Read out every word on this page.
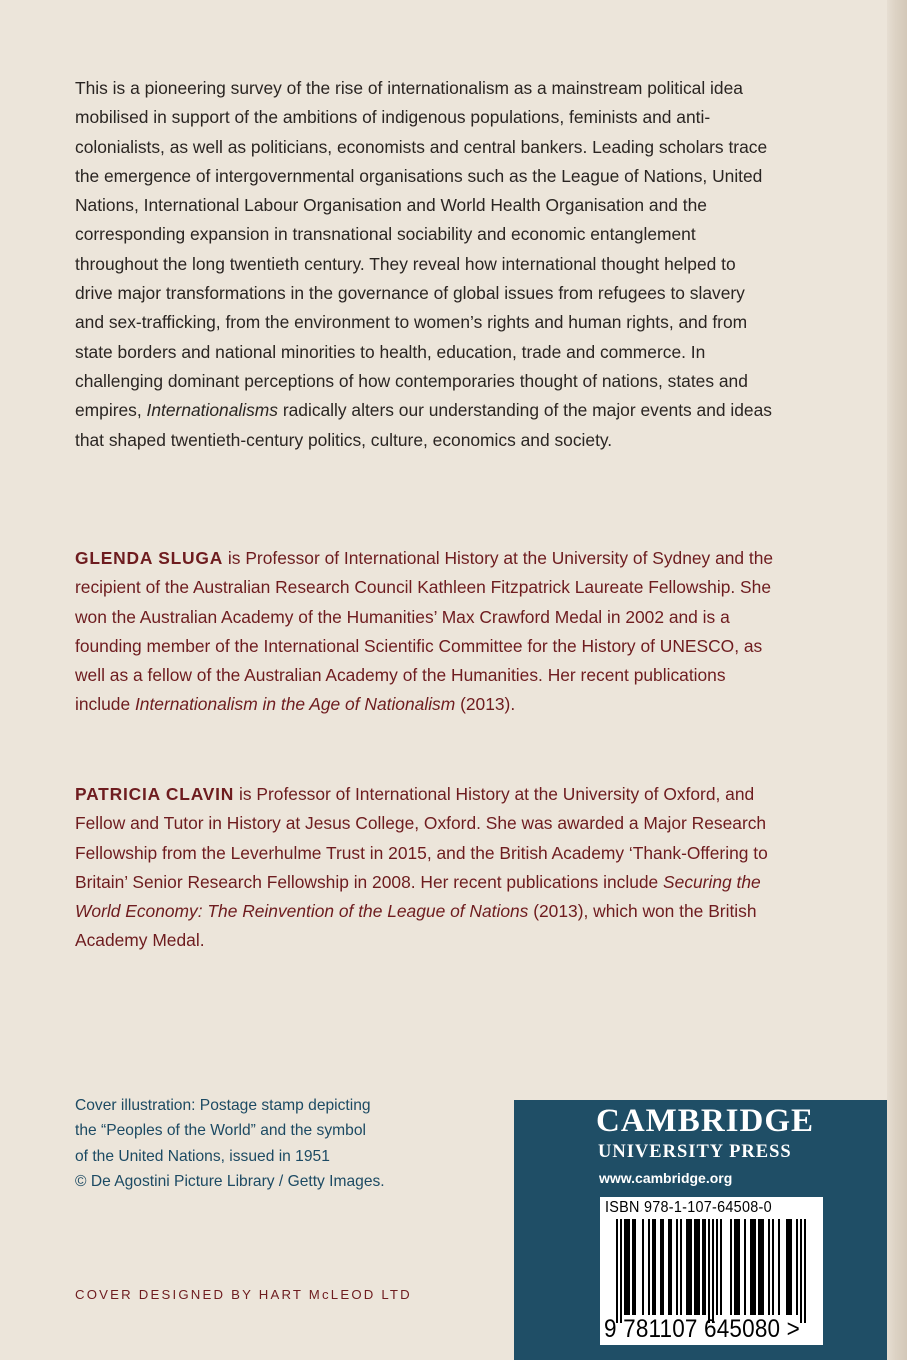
This is a pioneering survey of the rise of internationalism as a mainstream political idea mobilised in support of the ambitions of indigenous populations, feminists and anti-colonialists, as well as politicians, economists and central bankers. Leading scholars trace the emergence of intergovernmental organisations such as the League of Nations, United Nations, International Labour Organisation and World Health Organisation and the corresponding expansion in transnational sociability and economic entanglement throughout the long twentieth century. They reveal how international thought helped to drive major transformations in the governance of global issues from refugees to slavery and sex-trafficking, from the environment to women’s rights and human rights, and from state borders and national minorities to health, education, trade and commerce. In challenging dominant perceptions of how contemporaries thought of nations, states and empires, Internationalisms radically alters our understanding of the major events and ideas that shaped twentieth-century politics, culture, economics and society.

GLENDA SLUGA is Professor of International History at the University of Sydney and the recipient of the Australian Research Council Kathleen Fitzpatrick Laureate Fellowship. She won the Australian Academy of the Humanities’ Max Crawford Medal in 2002 and is a founding member of the International Scientific Committee for the History of UNESCO, as well as a fellow of the Australian Academy of the Humanities. Her recent publications include Internationalism in the Age of Nationalism (2013).

PATRICIA CLAVIN is Professor of International History at the University of Oxford, and Fellow and Tutor in History at Jesus College, Oxford. She was awarded a Major Research Fellowship from the Leverhulme Trust in 2015, and the British Academy ‘Thank-Offering to Britain’ Senior Research Fellowship in 2008. Her recent publications include Securing the World Economy: The Reinvention of the League of Nations (2013), which won the British Academy Medal.

Cover illustration: Postage stamp depicting
the “Peoples of the World” and the symbol
of the United Nations, issued in 1951
© De Agostini Picture Library / Getty Images.

COVER DESIGNED BY HART McLEOD LTD
CAMBRIDGE
UNIVERSITY PRESS
www.cambridge.org
ISBN 978-1-107-64508-0
9 781107 645080 >
